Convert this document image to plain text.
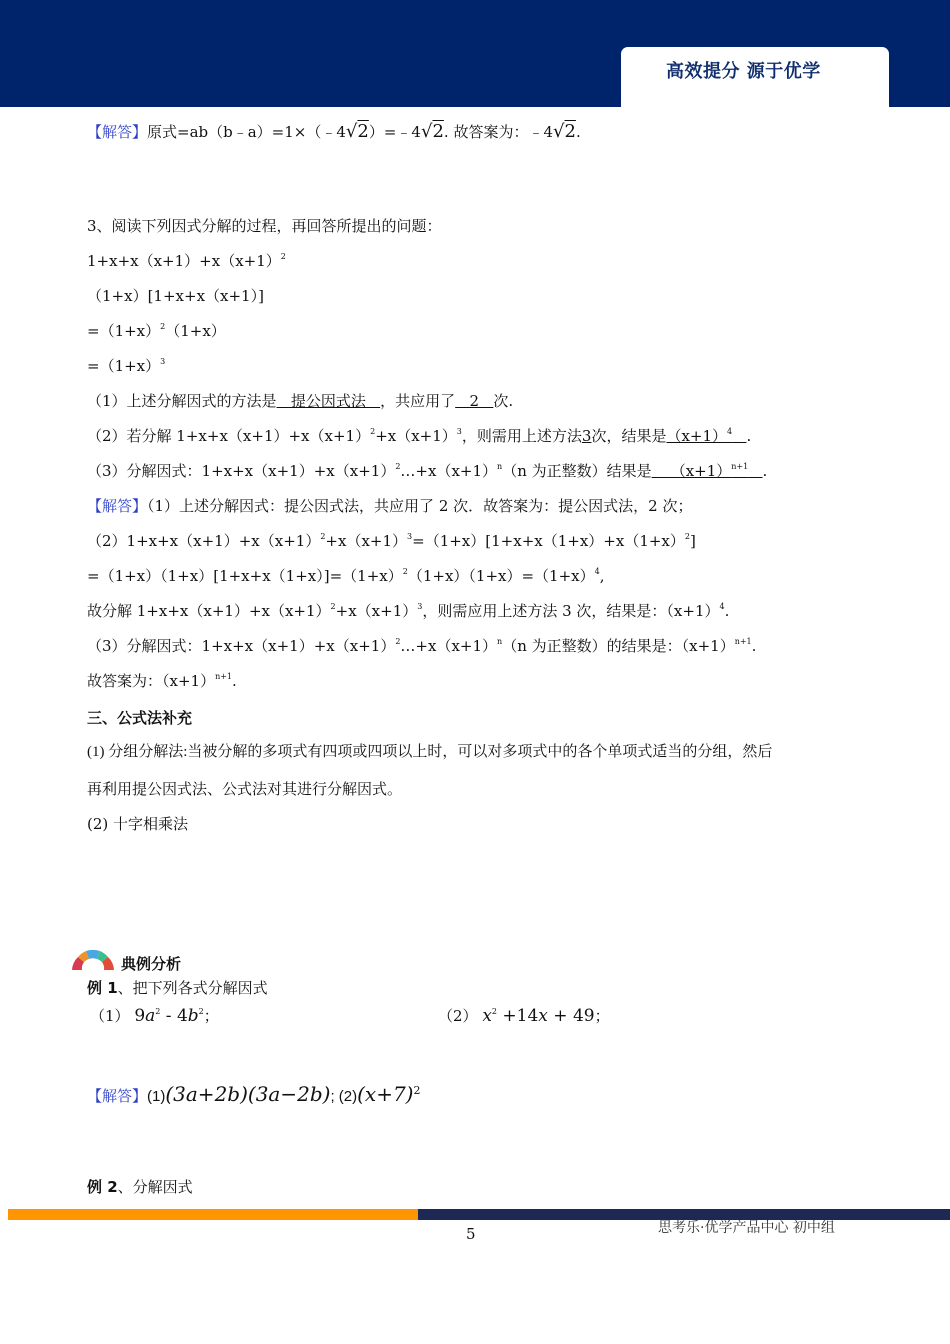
高效提分 源于优学
【解答】原式=ab（b﹣a）=1×（﹣4√2）=﹣4√2. 故答案为：﹣4√2.
3、阅读下列因式分解的过程，再回答所提出的问题：
$1+x+x(x+1)+x(x+1)^2$
（1+x）[1+x+x（x+1）]
$=(1+x)^2(1+x)$
$=(1+x)^3$
（1）上述分解因式的方法是   提公因式法   ，共应用了   2   次.
（2）若分解 $1+x+x(x+1)+x(x+1)^2+x(x+1)^3$，则需用上述方法3次，结果是$(x+1)^4$ .
（3）分解因式：$1+x+x(x+1)+x(x+1)^2\dots+x(x+1)^n(n$ 为正整数）结果是    $(x+1)^{n+1}$ .
【解答】（1）上述分解因式：提公因式法，共应用了 2 次．故答案为：提公因式法，2 次；
$(2)1+x+x(x+1)+x(x+1)^2+x(x+1)^3=(1+x)[1+x+x(1+x)+x(1+x)^2]$
$=(1+x)(1+x)[1+x+x(1+x)]=(1+x)^2(1+x)(1+x)=(1+x)^4$,
故分解 $1+x+x(x+1)+x(x+1)^2+x(x+1)^3$，则需应用上述方法 3 次，结果是：$(x+1)^4$.
（3）分解因式：$1+x+x(x+1)+x(x+1)^2\dots+x(x+1)^n(n$ 为正整数）的结果是：$(x+1)^{n+1}$.
故答案为：$(x+1)^{n+1}$.
三、公式法补充
(1) 分组分解法:当被分解的多项式有四项或四项以上时，可以对多项式中的各个单项式适当的分组，然后
再利用提公因式法、公式法对其进行分解因式。
(2) 十字相乘法
典例分析
例 1、把下列各式分解因式
（1） $9a^2 - 4b^2$；	（2） $x^2 +14x + 49$；
【解答】(1)(3a+2b)(3a−2b); $(2)(x+7)^2$
例 2、分解因式
5	思考乐·优学产品中心 初中组
